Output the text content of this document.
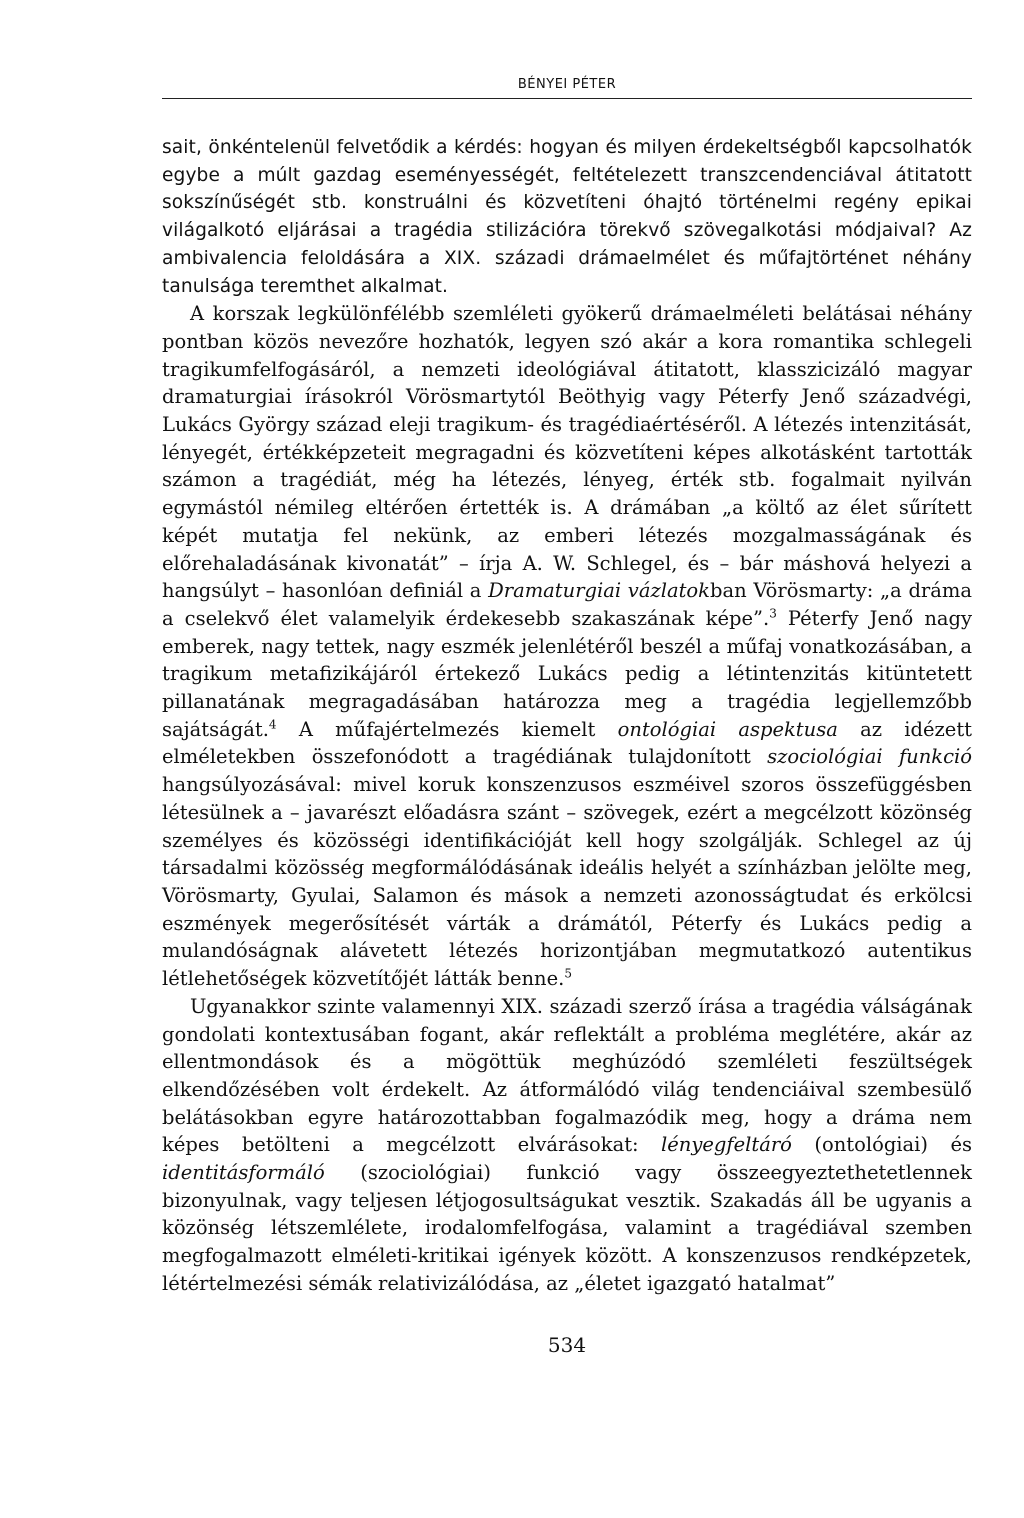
BÉNYEI PÉTER

sait, önkéntelenül felvetődik a kérdés: hogyan és milyen érdekeltségből kapcsolhatók egybe a múlt gazdag eseményességét, feltételezett transzcendenciával átitatott sokszínűségét stb. konstruálni és közvetíteni óhajtó történelmi regény epikai világalkotó eljárásai a tragédia stilizációra törekvő szövegalkotási módjaival? Az ambivalencia feloldására a XIX. századi drámaelmélet és műfajtörténet néhány tanulsága teremthet alkalmat.

A korszak legkülönfélébb szemléleti gyökerű drámaelméleti belátásai néhány pontban közös nevezőre hozhatók, legyen szó akár a kora romantika schlegeli tragikumfelfogásáról, a nemzeti ideológiával átitatott, klasszicizáló magyar dramaturgiai írásokról Vörösmartytól Beöthyig vagy Péterfy Jenő századvégi, Lukács György század eleji tragikum- és tragédiaértéséről. A létezés intenzitását, lényegét, értékképzeteit megragadni és közvetíteni képes alkotásként tartották számon a tragédiát, még ha létezés, lényeg, érték stb. fogalmait nyilván egymástól némileg eltérően értették is. A drámában „a költő az élet sűrített képét mutatja fel nekünk, az emberi létezés mozgalmasságának és előrehaladásának kivonatát” – írja A. W. Schlegel, és – bár máshová helyezi a hangsúlyt – hasonlóan definiál a Dramaturgiai vázlatokban Vörösmarty: „a dráma a cselekvő élet valamelyik érdekesebb szakaszának képe”.$^3$ Péterfy Jenő nagy emberek, nagy tettek, nagy eszmék jelenlétéről beszél a műfaj vonatkozásában, a tragikum metafizikájáról értekező Lukács pedig a létintenzitás kitüntetett pillanatának megragadásában határozza meg a tragédia legjellemzőbb sajátságát.$^4$ A műfajértelmezés kiemelt ontológiai aspektusa az idézett elméletekben összefonódott a tragédiának tulajdonított szociológiai funkció hangsúlyozásával: mivel koruk konszenzusos eszméivel szoros összefüggésben létesülnek a – javarészt előadásra szánt – szövegek, ezért a megcélzott közönség személyes és közösségi identifikációját kell hogy szolgálják. Schlegel az új társadalmi közösség megformálódásának ideális helyét a színházban jelölte meg, Vörösmarty, Gyulai, Salamon és mások a nemzeti azonosságtudat és erkölcsi eszmények megerősítését várták a drámától, Péterfy és Lukács pedig a mulandóságnak alávetett létezés horizontjában megmutatkozó autentikus létlehetőségek közvetítőjét látták benne.$^5$

Ugyanakkor szinte valamennyi XIX. századi szerző írása a tragédia válságának gondolati kontextusában fogant, akár reflektált a probléma meglétére, akár az ellentmondások és a mögöttük meghúzódó szemléleti feszültségek elkendőzésében volt érdekelt. Az átformálódó világ tendenciáival szembesülő belátásokban egyre határozottabban fogalmazódik meg, hogy a dráma nem képes betölteni a megcélzott elvárásokat: lényegfeltáró (ontológiai) és identitásformáló (szociológiai) funkció vagy összeegyeztethetetlennek bizonyulnak, vagy teljesen létjogosultságukat vesztik. Szakadás áll be ugyanis a közönség létszemlélete, irodalomfelfogása, valamint a tragédiával szemben megfogalmazott elméleti-kritikai igények között. A konszenzusos rendképzetek, létértelmezési sémák relativizálódása, az „életet igazgató hatalmat”

534
